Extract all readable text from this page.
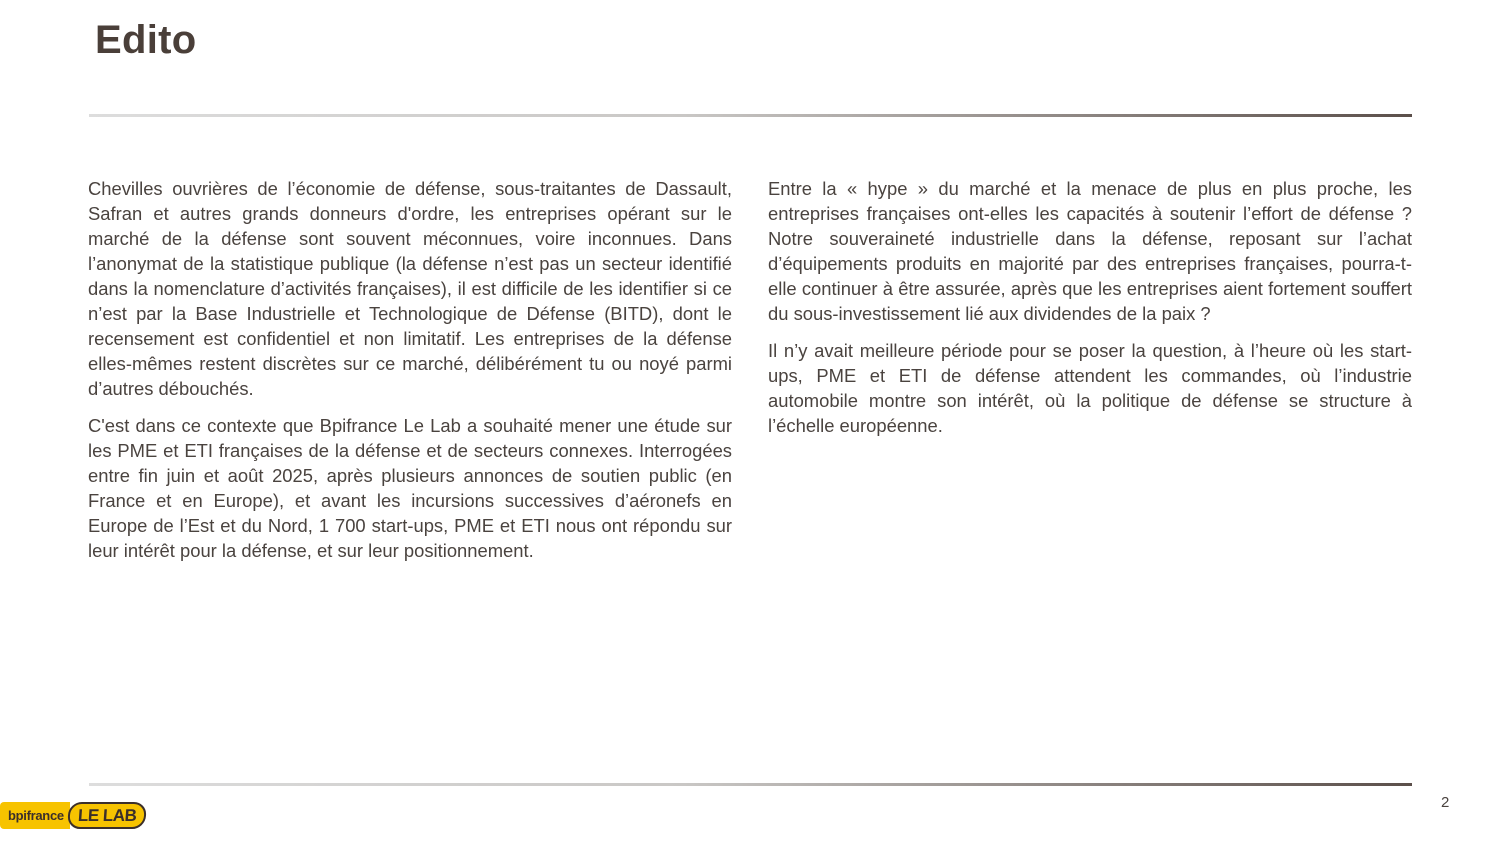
Edito

Chevilles ouvrières de l’économie de défense, sous-traitantes de Dassault, Safran et autres grands donneurs d'ordre, les entreprises opérant sur le marché de la défense sont souvent méconnues, voire inconnues. Dans l’anonymat de la statistique publique (la défense n’est pas un secteur identifié dans la nomenclature d’activités françaises), il est difficile de les identifier si ce n’est par la Base Industrielle et Technologique de Défense (BITD), dont le recensement est confidentiel et non limitatif. Les entreprises de la défense elles-mêmes restent discrètes sur ce marché, délibérément tu ou noyé parmi d’autres débouchés.

C'est dans ce contexte que Bpifrance Le Lab a souhaité mener une étude sur les PME et ETI françaises de la défense et de secteurs connexes. Interrogées entre fin juin et août 2025, après plusieurs annonces de soutien public (en France et en Europe), et avant les incursions successives d’aéronefs en Europe de l’Est et du Nord, 1 700 start-ups, PME et ETI nous ont répondu sur leur intérêt pour la défense, et sur leur positionnement.

Entre la « hype » du marché et la menace de plus en plus proche, les entreprises françaises ont-elles les capacités à soutenir l’effort de défense ? Notre souveraineté industrielle dans la défense, reposant sur l’achat d’équipements produits en majorité par des entreprises françaises, pourra-t-elle continuer à être assurée, après que les entreprises aient fortement souffert du sous-investissement lié aux dividendes de la paix ?

Il n’y avait meilleure période pour se poser la question, à l’heure où les start-ups, PME et ETI de défense attendent les commandes, où l’industrie automobile montre son intérêt, où la politique de défense se structure à l’échelle européenne.

bpifrance LE LAB
2
